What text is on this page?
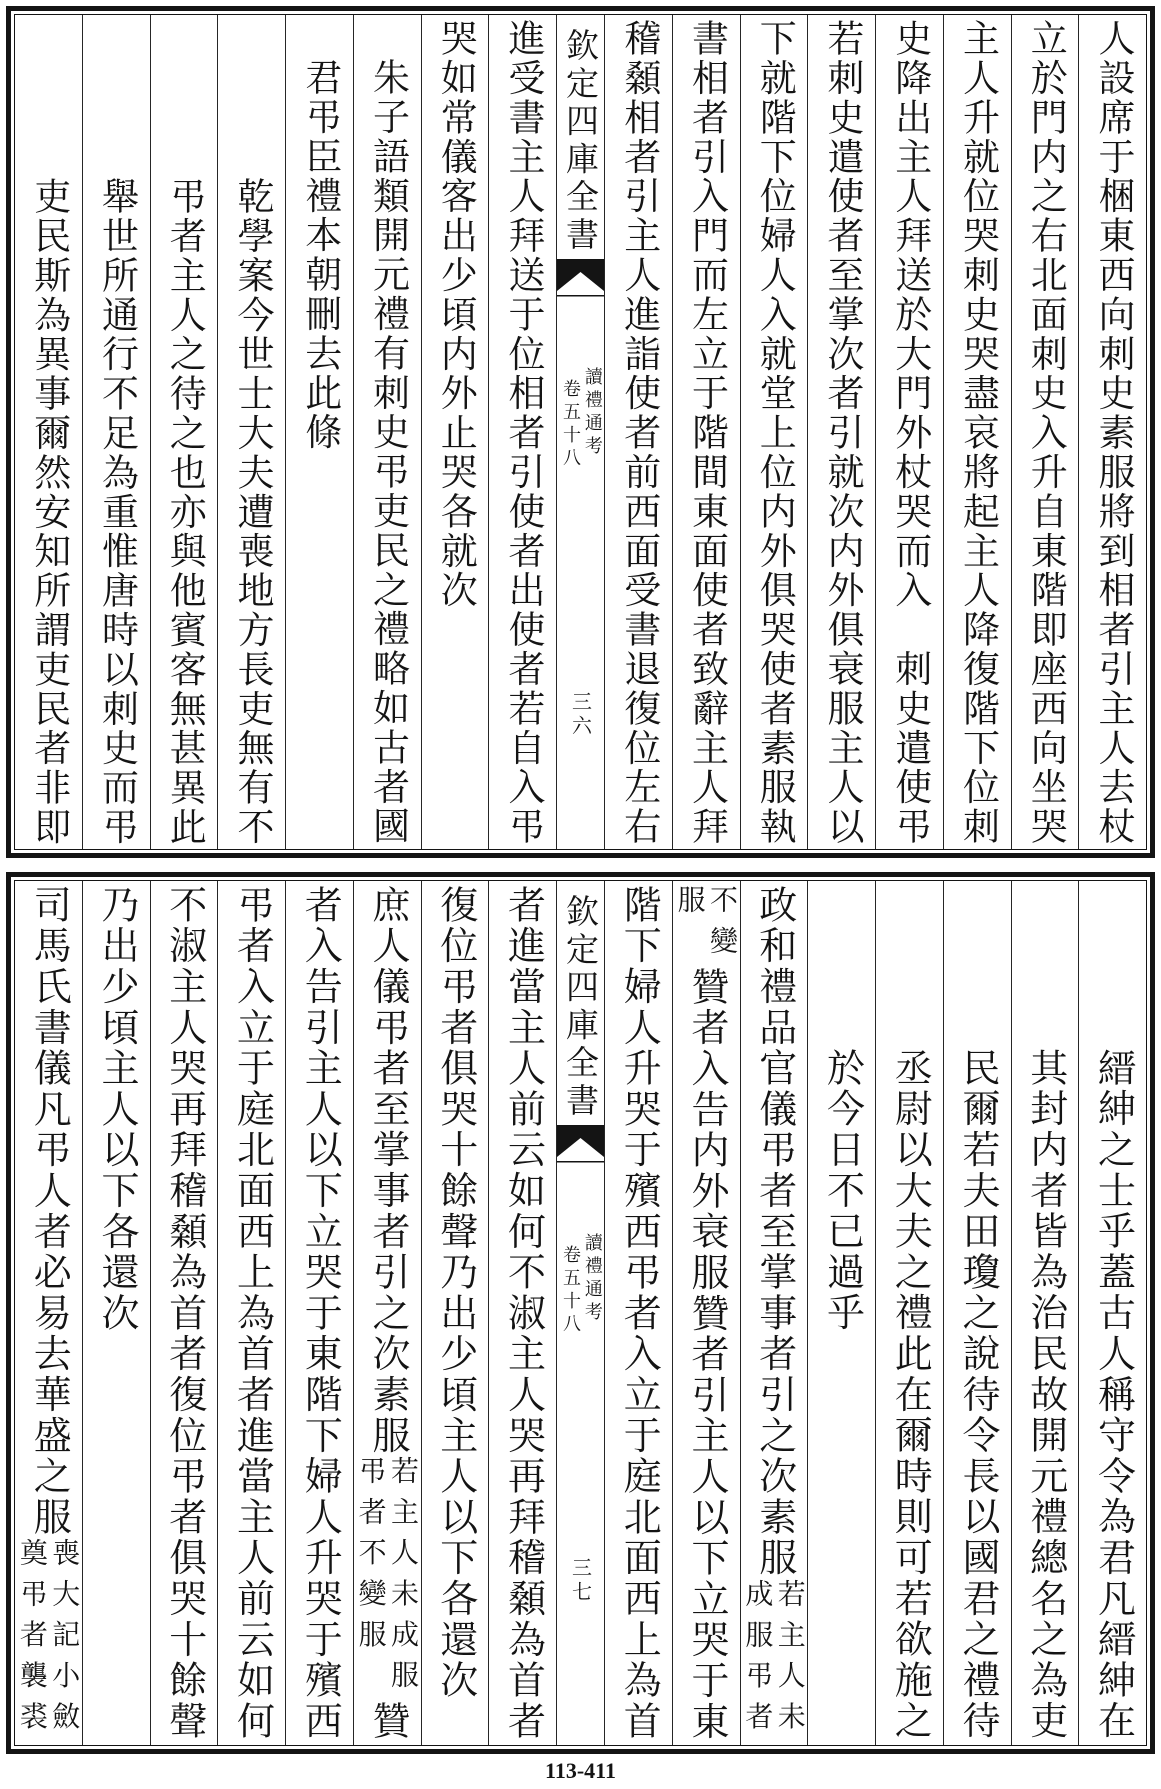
人設席于梱東西向刺史素服將到相者引主人去杖
立於門内之右北面刺史入升自東階即座西向坐哭
主人升就位哭刺史哭盡哀將起主人降復階下位刺
史降出主人拜送於大門外杖哭而入　刺史遣使弔
若刺史遣使者至掌次者引就次内外俱衰服主人以
下就階下位婦人入就堂上位内外俱哭使者素服執
書相者引入門而左立于階間東面使者致辭主人拜
稽顙相者引主人進詣使者前西面受書退復位左右
欽定四庫全書
讀禮通考
卷五十八
三六
進受書主人拜送于位相者引使者出使者若自入弔
哭如常儀客出少頃内外止哭各就次
朱子語類開元禮有刺史弔吏民之禮略如古者國
君弔臣禮本朝刪去此條
乾學案今世士大夫遭喪地方長吏無有不
弔者主人之待之也亦與他賓客無甚異此
舉世所通行不足為重惟唐時以刺史而弔
吏民斯為異事爾然安知所謂吏民者非即
縉紳之士乎蓋古人稱守令為君凡縉紳在
其封内者皆為治民故開元禮總名之為吏
民爾若夫田瓊之說待令長以國君之禮待
丞尉以大夫之禮此在爾時則可若欲施之
於今日不已過乎
政和禮品官儀弔者至掌事者引之次素服
若主人未
成服弔者
不變
服
贊者入告内外衰服贊者引主人以下立哭于東
階下婦人升哭于殯西弔者入立于庭北面西上為首
欽定四庫全書
讀禮通考
卷五十八
三七
者進當主人前云如何不淑主人哭再拜稽顙為首者
復位弔者俱哭十餘聲乃出少頃主人以下各還次
庶人儀弔者至掌事者引之次素服
若主人未成服
弔者不變服
贊
者入告引主人以下立哭于東階下婦人升哭于殯西
弔者入立于庭北面西上為首者進當主人前云如何
不淑主人哭再拜稽顙為首者復位弔者俱哭十餘聲
乃出少頃主人以下各還次
司馬氏書儀凡弔人者必易去華盛之服
喪大記小斂
奠弔者襲裘
113-411
